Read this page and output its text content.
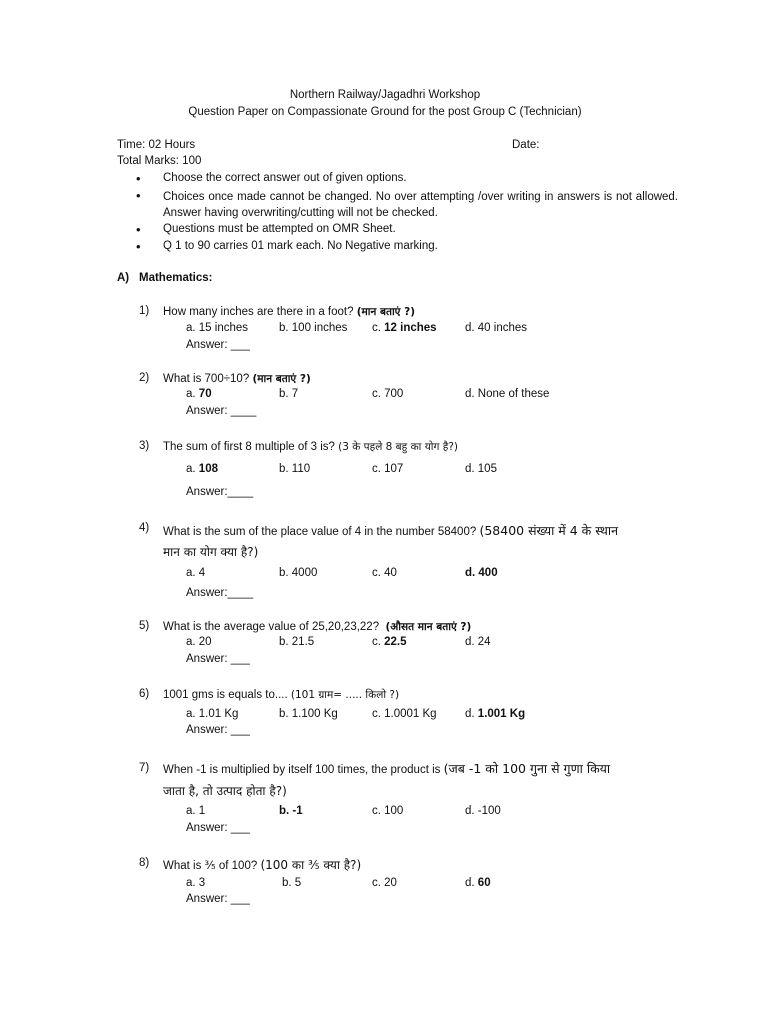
Northern Railway/Jagadhri Workshop
Question Paper on Compassionate Ground for the post Group C (Technician)
Time: 02 Hours	Date:
Total Marks: 100
Choose the correct answer out of given options.
Choices once made cannot be changed. No over attempting /over writing in answers is not allowed. Answer having overwriting/cutting will not be checked.
Questions must be attempted on OMR Sheet.
Q 1 to 90 carries 01 mark each. No Negative marking.
A) Mathematics:
1) How many inches are there in a foot? (मान बताएं ?)
a. 15 inches	b. 100 inches c. 12 inches d. 40 inches
Answer: ___
2) What is 700÷10? (मान बताएं ?)
a. 70	b. 7	c. 700	d. None of these
Answer: ____
3) The sum of first 8 multiple of 3 is? (3 के पहले 8 बहु का योग है?)
a. 108	b. 110	c. 107	d. 105
Answer:____
4) What is the sum of the place value of 4 in the number 58400? (58400 संख्या में 4 के स्थान
मान का योग क्या है?)
a. 4	b. 4000	c. 40	d. 400
Answer:____
5) What is the average value of 25,20,23,22? (औसत मान बताएं ?)
a. 20	b. 21.5	c. 22.5	d. 24
Answer: ___
6) 1001 gms is equals to.... (101 ग्राम= ..... किलो ?)
a. 1.01 Kg	b. 1.100 Kg	c. 1.0001 Kg d. 1.001 Kg
Answer: ___
7) When -1 is multiplied by itself 100 times, the product is (जब -1 को 100 गुना से गुणा किया
जाता है, तो उत्पाद होता है?)
a. 1	b. -1	c. 100	d. -100
Answer: ___
8) What is ⅗ of 100? (100 का ⅗ क्या है?)
a. 3	b. 5	c. 20	d. 60
Answer: ___
